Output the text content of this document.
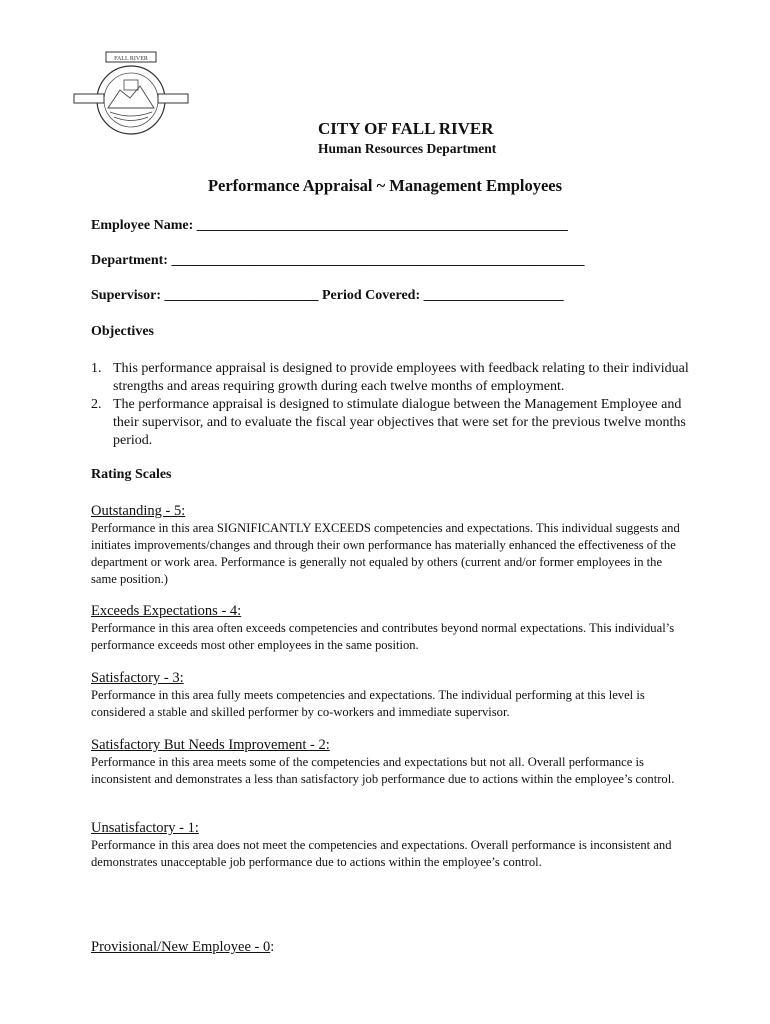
FALL RIVER

CITY OF FALL RIVER

Human Resources Department

Performance Appraisal ~ Management Employees

Employee Name: _____________________________________________________
Department: ___________________________________________________________
Supervisor: ______________________ Period Covered: ____________________

Objectives

1. This performance appraisal is designed to provide employees with feedback relating to their individual strengths and areas requiring growth during each twelve months of employment.
2. The performance appraisal is designed to stimulate dialogue between the Management Employee and their supervisor, and to evaluate the fiscal year objectives that were set for the previous twelve months period.

Rating Scales

Outstanding - 5:

Performance in this area SIGNIFICANTLY EXCEEDS competencies and expectations. This individual suggests and initiates improvements/changes and through their own performance has materially enhanced the effectiveness of the department or work area. Performance is generally not equaled by others (current and/or former employees in the same position.)

Exceeds Expectations - 4:

Performance in this area often exceeds competencies and contributes beyond normal expectations. This individual’s performance exceeds most other employees in the same position.

Satisfactory - 3:

Performance in this area fully meets competencies and expectations. The individual performing at this level is considered a stable and skilled performer by co-workers and immediate supervisor.

Satisfactory But Needs Improvement - 2:

Performance in this area meets some of the competencies and expectations but not all. Overall performance is inconsistent and demonstrates a less than satisfactory job performance due to actions within the employee’s control.

Unsatisfactory - 1:

Performance in this area does not meet the competencies and expectations. Overall performance is inconsistent and demonstrates unacceptable job performance due to actions within the employee’s control.

Provisional/New Employee - 0

:
